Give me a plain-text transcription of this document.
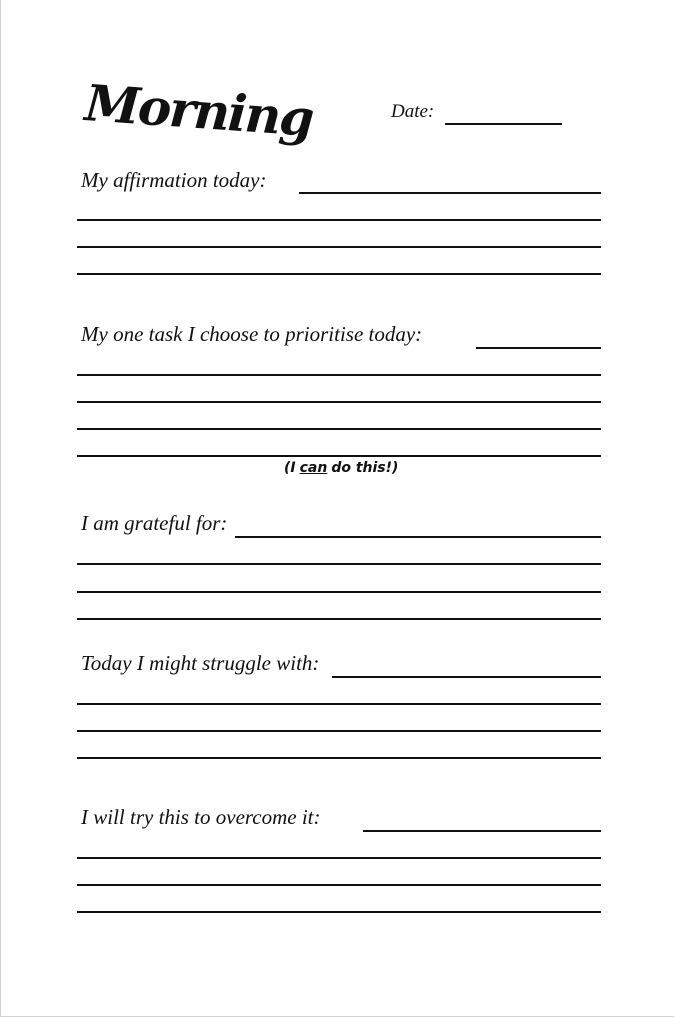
Morning	Date:
My affirmation today:
My one task I choose to prioritise today:
(I can do this!)
I am grateful for:
Today I might struggle with:
I will try this to overcome it:
